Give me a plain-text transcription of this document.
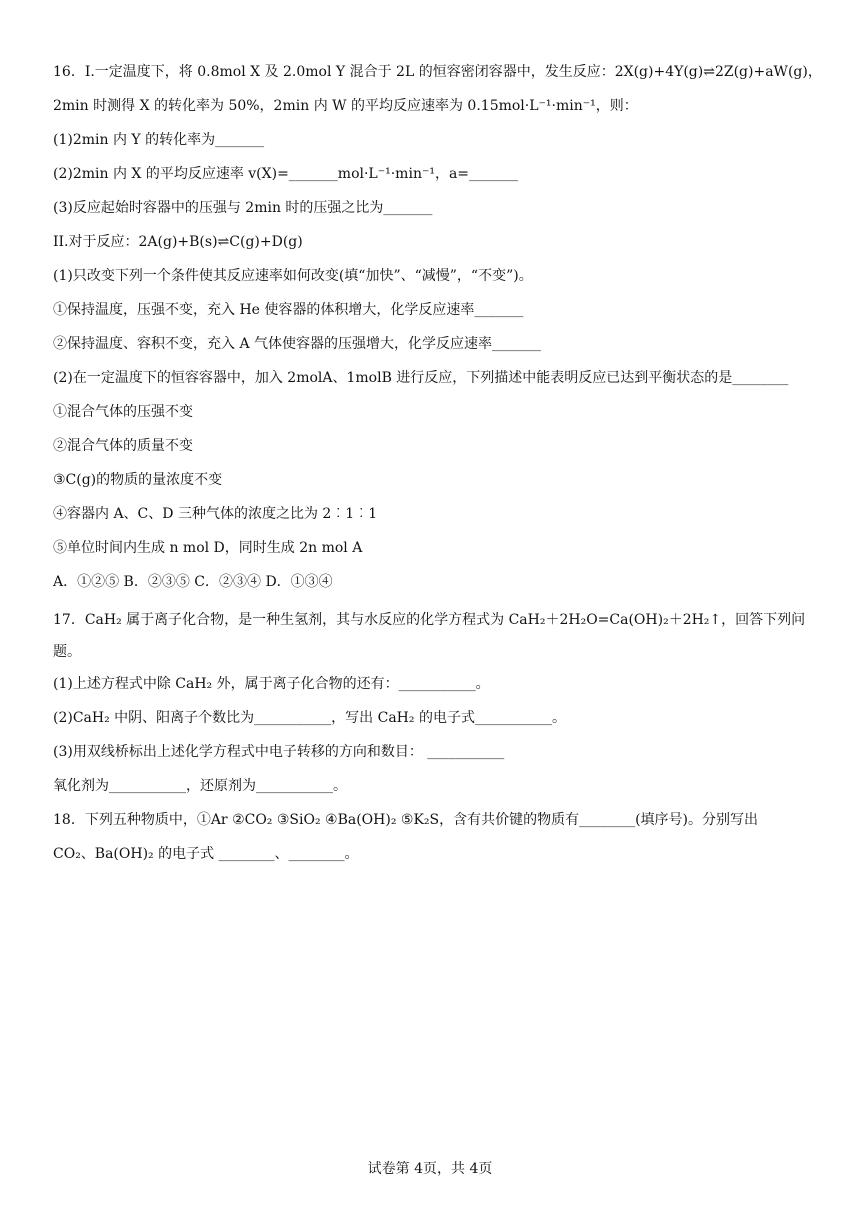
16．I.一定温度下，将 0.8mol X 及 2.0mol Y 混合于 2L 的恒容密闭容器中，发生反应：2X(g)+4Y(g)⇌2Z(g)+aW(g)，
2min 时测得 X 的转化率为 50%，2min 内 W 的平均反应速率为 0.15mol·L⁻¹·min⁻¹，则：
(1)2min 内 Y 的转化率为_______
(2)2min 内 X 的平均反应速率 v(X)=_______mol·L⁻¹·min⁻¹，a=_______
(3)反应起始时容器中的压强与 2min 时的压强之比为_______
II.对于反应：2A(g)+B(s)⇌C(g)+D(g)
(1)只改变下列一个条件使其反应速率如何改变(填“加快”、“减慢”，“不变”)。
①保持温度，压强不变，充入 He 使容器的体积增大，化学反应速率_______
②保持温度、容积不变，充入 A 气体使容器的压强增大，化学反应速率_______
(2)在一定温度下的恒容容器中，加入 2molA、1molB 进行反应，下列描述中能表明反应已达到平衡状态的是________
①混合气体的压强不变
②混合气体的质量不变
③C(g)的物质的量浓度不变
④容器内 A、C、D 三种气体的浓度之比为 2︰1︰1
⑤单位时间内生成 n mol D，同时生成 2n mol A
A．①②⑤ B．②③⑤ C．②③④ D．①③④
17．CaH₂ 属于离子化合物，是一种生氢剂，其与水反应的化学方程式为 CaH₂＋2H₂O=Ca(OH)₂＋2H₂↑，回答下列问题。
(1)上述方程式中除 CaH₂ 外，属于离子化合物的还有：___________。
(2)CaH₂ 中阴、阳离子个数比为___________，写出 CaH₂ 的电子式___________。
(3)用双线桥标出上述化学方程式中电子转移的方向和数目： ___________
氧化剂为___________，还原剂为___________。
18．下列五种物质中，①Ar ②CO₂ ③SiO₂ ④Ba(OH)₂ ⑤K₂S，含有共价键的物质有________(填序号)。分别写出
CO₂、Ba(OH)₂ 的电子式 ________、________。
试卷第 4页，共 4页
